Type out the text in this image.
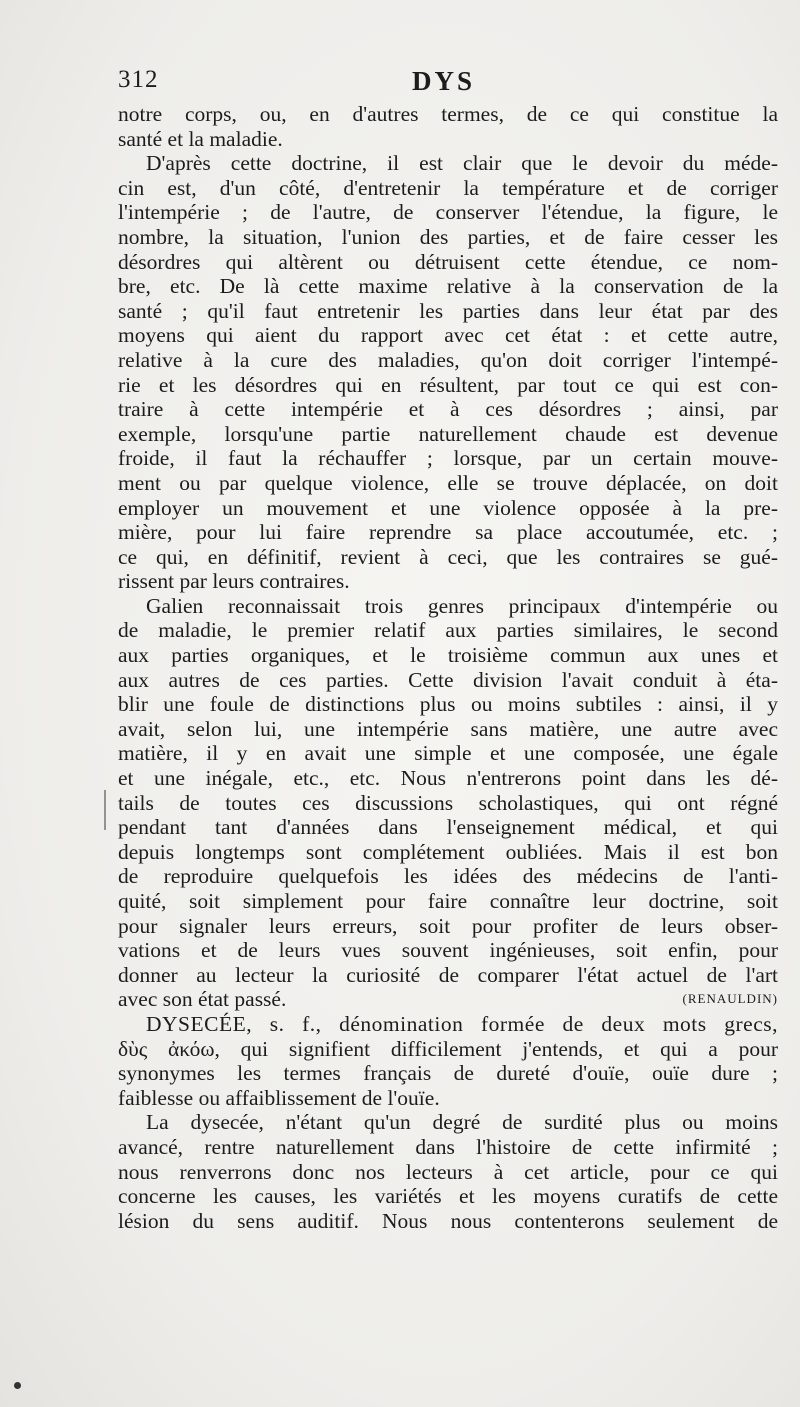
312	DYS
notre corps, ou, en d'autres termes, de ce qui constitue la
santé et la maladie.
D'après cette doctrine, il est clair que le devoir du méde-
cin est, d'un côté, d'entretenir la température et de corriger
l'intempérie ; de l'autre, de conserver l'étendue, la figure, le
nombre, la situation, l'union des parties, et de faire cesser les
désordres qui altèrent ou détruisent cette étendue, ce nom-
bre, etc. De là cette maxime relative à la conservation de la
santé ; qu'il faut entretenir les parties dans leur état par des
moyens qui aient du rapport avec cet état : et cette autre,
relative à la cure des maladies, qu'on doit corriger l'intempé-
rie et les désordres qui en résultent, par tout ce qui est con-
traire à cette intempérie et à ces désordres ; ainsi, par
exemple, lorsqu'une partie naturellement chaude est devenue
froide, il faut la réchauffer ; lorsque, par un certain mouve-
ment ou par quelque violence, elle se trouve déplacée, on doit
employer un mouvement et une violence opposée à la pre-
mière, pour lui faire reprendre sa place accoutumée, etc. ;
ce qui, en définitif, revient à ceci, que les contraires se gué-
rissent par leurs contraires.
Galien reconnaissait trois genres principaux d'intempérie ou
de maladie, le premier relatif aux parties similaires, le second
aux parties organiques, et le troisième commun aux unes et
aux autres de ces parties. Cette division l'avait conduit à éta-
blir une foule de distinctions plus ou moins subtiles : ainsi, il y
avait, selon lui, une intempérie sans matière, une autre avec
matière, il y en avait une simple et une composée, une égale
et une inégale, etc., etc. Nous n'entrerons point dans les dé-
tails de toutes ces discussions scholastiques, qui ont régné
pendant tant d'années dans l'enseignement médical, et qui
depuis longtemps sont complétement oubliées. Mais il est bon
de reproduire quelquefois les idées des médecins de l'anti-
quité, soit simplement pour faire connaître leur doctrine, soit
pour signaler leurs erreurs, soit pour profiter de leurs obser-
vations et de leurs vues souvent ingénieuses, soit enfin, pour
donner au lecteur la curiosité de comparer l'état actuel de l'art
avec son état passé.	(RENAULDIN)
DYSECÉE, s. f., dénomination formée de deux mots grecs,
δὺς ἀκόω, qui signifient difficilement j'entends, et qui a pour
synonymes les termes français de dureté d'ouïe, ouïe dure ;
faiblesse ou affaiblissement de l'ouïe.
La dysecée, n'étant qu'un degré de surdité plus ou moins
avancé, rentre naturellement dans l'histoire de cette infirmité ;
nous renverrons donc nos lecteurs à cet article, pour ce qui
concerne les causes, les variétés et les moyens curatifs de cette
lésion du sens auditif. Nous nous contenterons seulement de
